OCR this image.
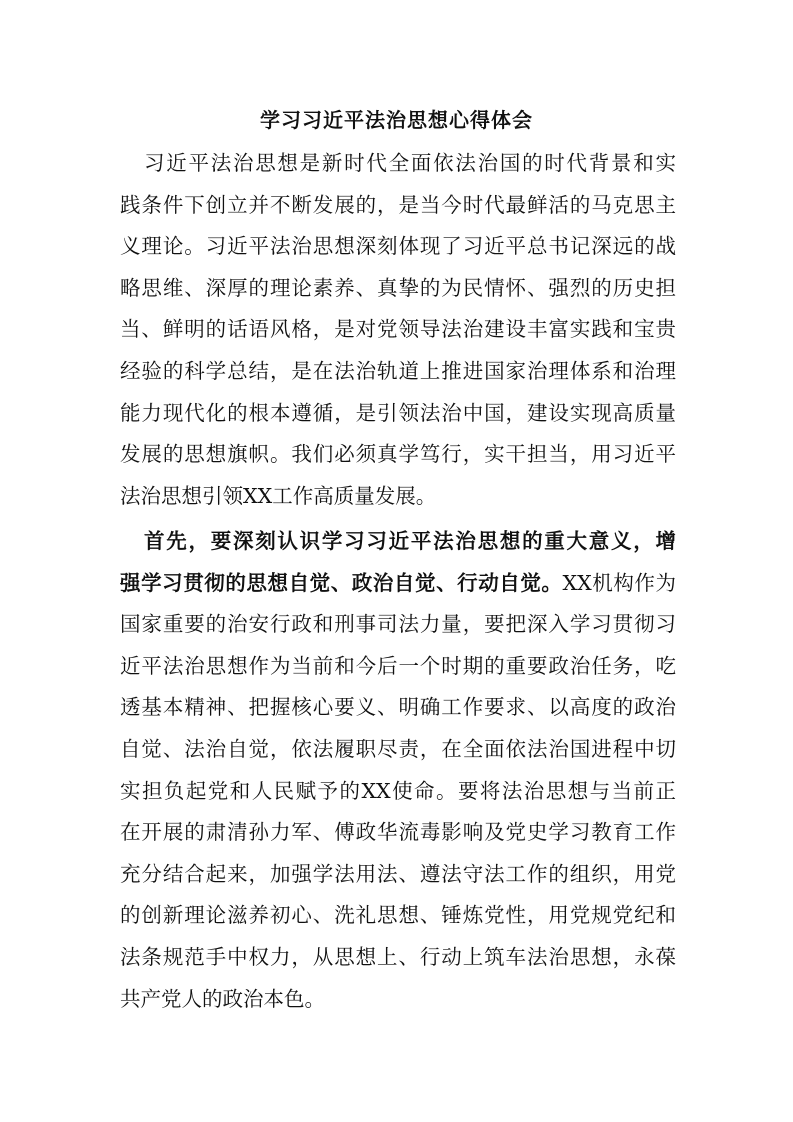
学习习近平法治思想心得体会
习近平法治思想是新时代全面依法治国的时代背景和实
践条件下创立并不断发展的，是当今时代最鲜活的马克思主
义理论。习近平法治思想深刻体现了习近平总书记深远的战
略思维、深厚的理论素养、真挚的为民情怀、强烈的历史担
当、鲜明的话语风格，是对党领导法治建设丰富实践和宝贵
经验的科学总结，是在法治轨道上推进国家治理体系和治理
能力现代化的根本遵循，是引领法治中国，建设实现高质量
发展的思想旗帜。我们必须真学笃行，实干担当，用习近平
法治思想引领XX工作高质量发展。
首先，要深刻认识学习习近平法治思想的重大意义，增
强学习贯彻的思想自觉、政治自觉、行动自觉。XX机构作为
国家重要的治安行政和刑事司法力量，要把深入学习贯彻习
近平法治思想作为当前和今后一个时期的重要政治任务，吃
透基本精神、把握核心要义、明确工作要求、以高度的政治
自觉、法治自觉，依法履职尽责，在全面依法治国进程中切
实担负起党和人民赋予的XX使命。要将法治思想与当前正
在开展的肃清孙力军、傅政华流毒影响及党史学习教育工作
充分结合起来，加强学法用法、遵法守法工作的组织，用党
的创新理论滋养初心、洗礼思想、锤炼党性，用党规党纪和
法条规范手中权力，从思想上、行动上筑车法治思想，永葆
共产党人的政治本色。
